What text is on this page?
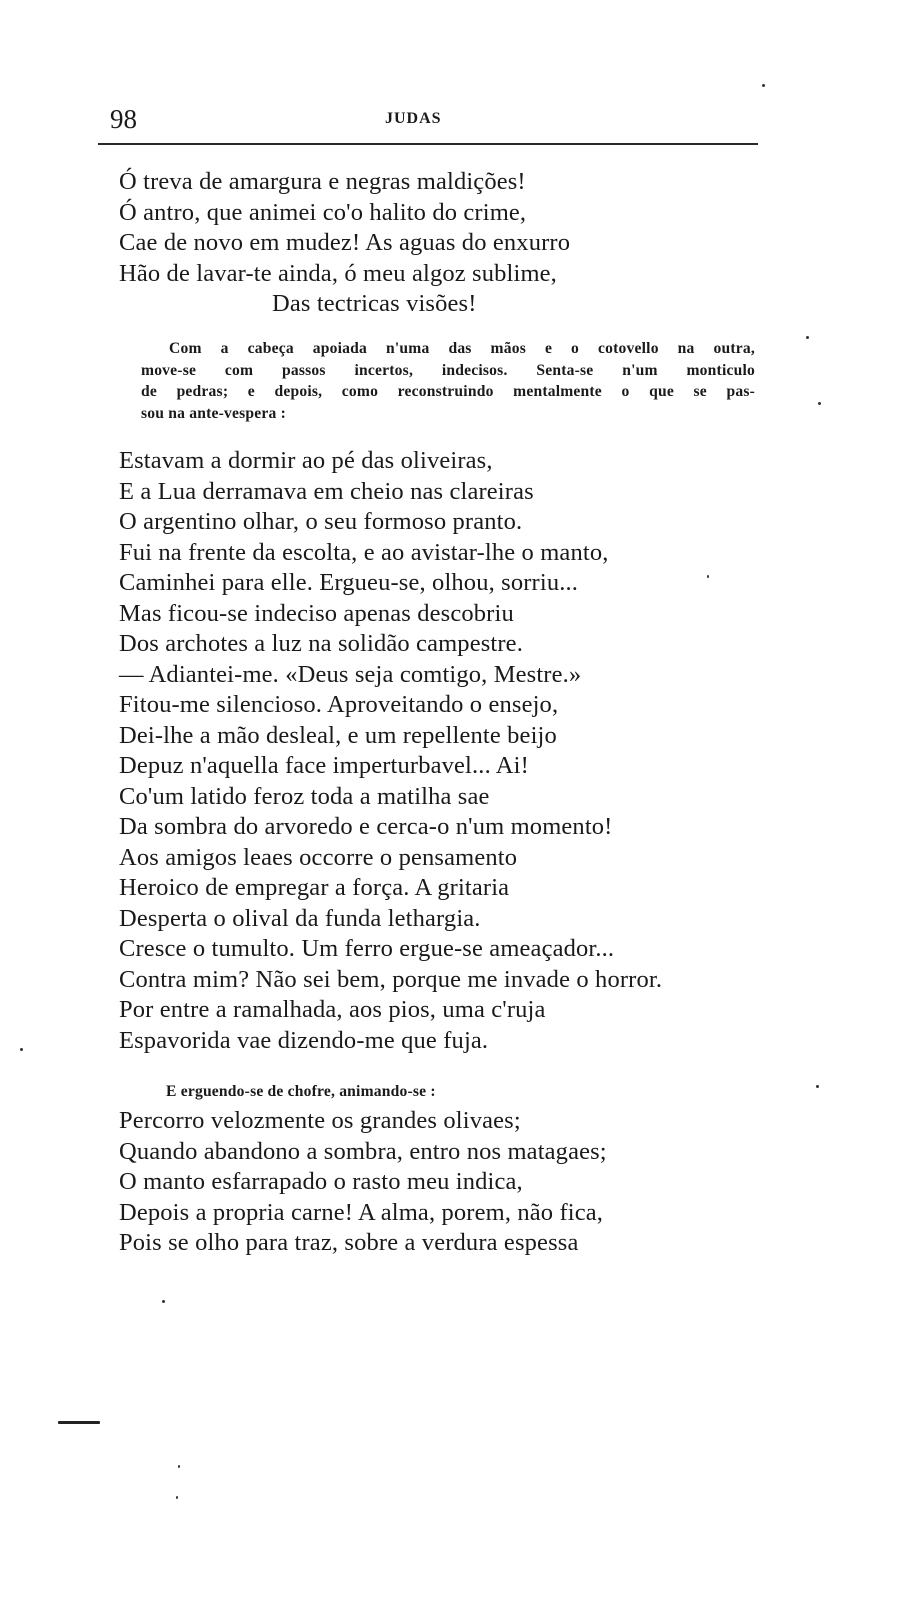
98	JUDAS
Ó treva de amargura e negras maldições!
Ó antro, que animei co'o halito do crime,
Cae de novo em mudez! As aguas do enxurro
Hão de lavar-te ainda, ó meu algoz sublime,
Das tectricas visões!
Com a cabeça apoiada n'uma das mãos e o cotovello na outra,
move-se com passos incertos, indecisos. Senta-se n'um monticulo
de pedras; e depois, como reconstruindo mentalmente o que se pas-
sou na ante-vespera :
Estavam a dormir ao pé das oliveiras,
E a Lua derramava em cheio nas clareiras
O argentino olhar, o seu formoso pranto.
Fui na frente da escolta, e ao avistar-lhe o manto,
Caminhei para elle. Ergueu-se, olhou, sorriu...
Mas ficou-se indeciso apenas descobriu
Dos archotes a luz na solidão campestre.
— Adiantei-me. «Deus seja comtigo, Mestre.»
Fitou-me silencioso. Aproveitando o ensejo,
Dei-lhe a mão desleal, e um repellente beijo
Depuz n'aquella face imperturbavel... Ai!
Co'um latido feroz toda a matilha sae
Da sombra do arvoredo e cerca-o n'um momento!
Aos amigos leaes occorre o pensamento
Heroico de empregar a força. A gritaria
Desperta o olival da funda lethargia.
Cresce o tumulto. Um ferro ergue-se ameaçador...
Contra mim? Não sei bem, porque me invade o horror.
Por entre a ramalhada, aos pios, uma c'ruja
Espavorida vae dizendo-me que fuja.
E erguendo-se de chofre, animando-se :
Percorro velozmente os grandes olivaes;
Quando abandono a sombra, entro nos matagaes;
O manto esfarrapado o rasto meu indica,
Depois a propria carne! A alma, porem, não fica,
Pois se olho para traz, sobre a verdura espessa
